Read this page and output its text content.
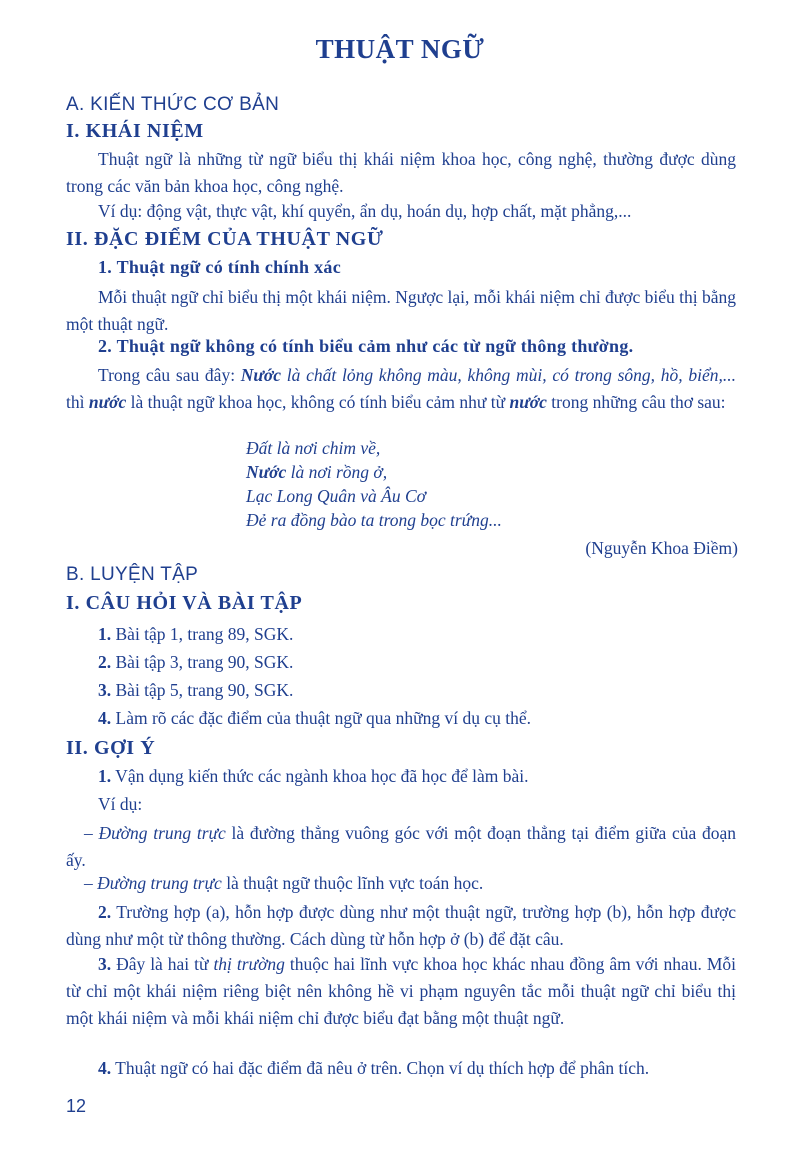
THUẬT NGỮ
A. KIẾN THỨC CƠ BẢN
I. KHÁI NIỆM
Thuật ngữ là những từ ngữ biểu thị khái niệm khoa học, công nghệ, thường được dùng trong các văn bản khoa học, công nghệ.
Ví dụ: động vật, thực vật, khí quyển, ẩn dụ, hoán dụ, hợp chất, mặt phẳng,...
II. ĐẶC ĐIỂM CỦA THUẬT NGỮ
1. Thuật ngữ có tính chính xác
Mỗi thuật ngữ chỉ biểu thị một khái niệm. Ngược lại, mỗi khái niệm chỉ được biểu thị bằng một thuật ngữ.
2. Thuật ngữ không có tính biểu cảm như các từ ngữ thông thường.
Trong câu sau đây: Nước là chất lỏng không màu, không mùi, có trong sông, hồ, biển,... thì nước là thuật ngữ khoa học, không có tính biểu cảm như từ nước trong những câu thơ sau:
Đất là nơi chim về,
Nước là nơi rồng ở,
Lạc Long Quân và Âu Cơ
Đẻ ra đồng bào ta trong bọc trứng...
(Nguyễn Khoa Điềm)
B. LUYỆN TẬP
I. CÂU HỎI VÀ BÀI TẬP
1. Bài tập 1, trang 89, SGK.
2. Bài tập 3, trang 90, SGK.
3. Bài tập 5, trang 90, SGK.
4. Làm rõ các đặc điểm của thuật ngữ qua những ví dụ cụ thể.
II. GỢI Ý
1. Vận dụng kiến thức các ngành khoa học đã học để làm bài.
Ví dụ:
– Đường trung trực là đường thẳng vuông góc với một đoạn thẳng tại điểm giữa của đoạn ấy.
– Đường trung trực là thuật ngữ thuộc lĩnh vực toán học.
2. Trường hợp (a), hỗn hợp được dùng như một thuật ngữ, trường hợp (b), hỗn hợp được dùng như một từ thông thường. Cách dùng từ hỗn hợp ở (b) để đặt câu.
3. Đây là hai từ thị trường thuộc hai lĩnh vực khoa học khác nhau đồng âm với nhau. Mỗi từ chỉ một khái niệm riêng biệt nên không hề vi phạm nguyên tắc mỗi thuật ngữ chỉ biểu thị một khái niệm và mỗi khái niệm chỉ được biểu đạt bằng một thuật ngữ.
4. Thuật ngữ có hai đặc điểm đã nêu ở trên. Chọn ví dụ thích hợp để phân tích.
12
